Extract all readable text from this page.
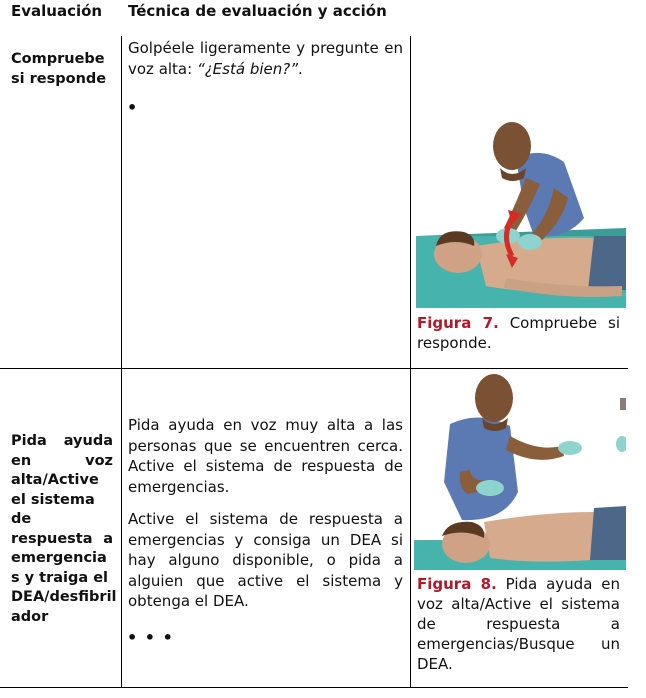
Evaluación Técnica de evaluación y acción
Compruebe
si responde
Golpéele ligeramente y pregunte en voz alta: “¿Está bien?”.
•
Figura 7. Compruebe si responde.
Pida ayuda
en voz
alta/Active
el sistema de
respuesta a
emergencia
s y traiga el
DEA/desfibril
ador
Pida ayuda en voz muy alta a las personas que se encuentren cerca. Active el sistema de respuesta de emergencias.
Active el sistema de respuesta a emergencias y consiga un DEA si hay alguno disponible, o pida a alguien que active el sistema y obtenga el DEA.
• • •
Figura 8. Pida ayuda en voz alta/Active el sistema de respuesta a emergencias/Busque un DEA.
